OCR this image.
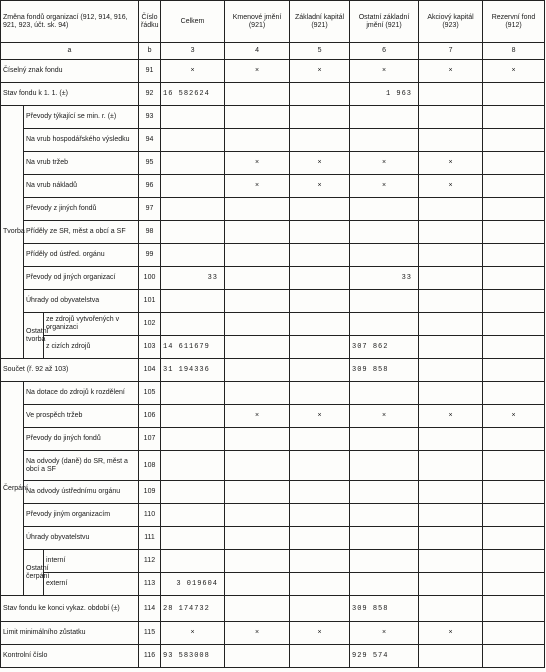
Změna fondů organizací (912, 914, 916, 921, 923, účt. sk. 94)			Číslo řádku	Celkem	Kmenové jmění (921)	Základní kapitál (921)	Ostatní základní jmění (921)	Akciový kapitál (923)	Rezervní fond (912)
a			b	3	4	5	6	7	8
Číselný znak fondu			91	×	×	×	×	×	×
Stav fondu k 1. 1. (±)			92	16 582624			1 963		
Tvorba	Převody týkající se min. r. (±)		93						
	Na vrub hospodářského výsledku		94						
	Na vrub tržeb		95		×	×	×	×	
	Na vrub nákladů		96		×	×	×	×	
	Převody z jiných fondů		97						
	Příděly ze SR, měst a obcí a SF		98						
	Příděly od ústřed. orgánu		99						
	Převody od jiných organizací		100	33			33		
	Úhrady od obyvatelstva		101						
	Ostatní tvorba	ze zdrojů vytvořených v organizaci	102						
		z cizích zdrojů	103	14 611679			307 862		
Součet (ř. 92 až 103)			104	31 194336			309 858		
Čerpání	Na dotace do zdrojů k rozdělení		105						
	Ve prospěch tržeb		106		×	×	×	×	×
	Převody do jiných fondů		107						
	Na odvody (daně) do SR, měst a obcí a SF		108						
	Na odvody ústřednímu orgánu		109						
	Převody jiným organizacím		110						
	Úhrady obyvatelstvu		111						
	Ostatní čerpání	interní	112						
		externí	113	3 019604					
Stav fondu ke konci vykaz. období (±)			114	28 174732			309 858		
Limit minimálního zůstatku			115	×	×	×	×	×	
Kontrolní číslo			116	93 583008			929 574		
